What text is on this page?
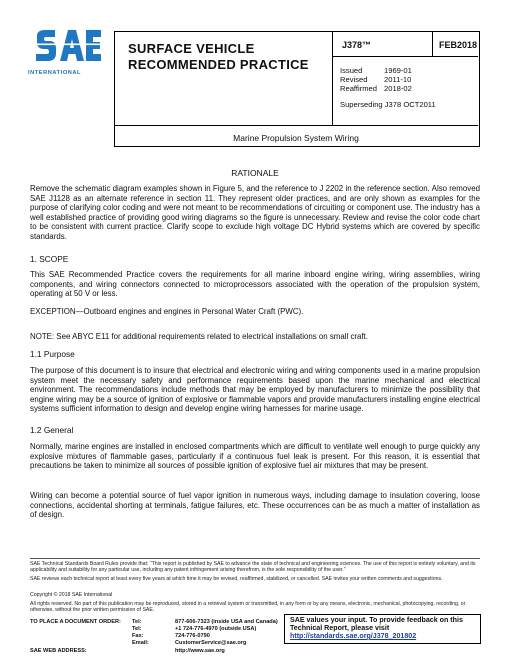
INTERNATIONAL
SURFACE VEHICLE
RECOMMENDED PRACTICE
J378™	FEB2018
Issued	1969-01
Revised 2011-10
Reaffirmed 2018-02
Superseding J378 OCT2011
Marine Propulsion System Wiring
RATIONALE
Remove the schematic diagram examples shown in Figure 5, and the reference to J 2202 in the reference section. Also removed SAE J1128 as an alternate reference in section 11. They represent older practices, and are only shown as examples for the purpose of clarifying color coding and were not meant to be recommendations of circuiting or component use. The industry has a well established practice of providing good wiring diagrams so the figure is unnecessary. Review and revise the color code chart to be consistent with current practice. Clarify scope to exclude high voltage DC Hybrid systems which are covered by specific standards.
1. SCOPE
This SAE Recommended Practice covers the requirements for all marine inboard engine wiring, wiring assemblies, wiring components, and wiring connectors connected to microprocessors associated with the operation of the propulsion system, operating at 50 V or less.
EXCEPTION—Outboard engines and engines in Personal Water Craft (PWC).
NOTE: See ABYC E11 for additional requirements related to electrical installations on small craft.
1.1 Purpose
The purpose of this document is to insure that electrical and electronic wiring and wiring components used in a marine propulsion system meet the necessary safety and performance requirements based upon the marine mechanical and electrical environment. The recommendations include methods that may be employed by manufacturers to minimize the possibility that engine wiring may be a source of ignition of explosive or flammable vapors and provide manufacturers installing engine electrical systems sufficient information to design and develop engine wiring harnesses for marine usage.
1.2 General
Normally, marine engines are installed in enclosed compartments which are difficult to ventilate well enough to purge quickly any explosive mixtures of flammable gases, particularly if a continuous fuel leak is present. For this reason, it is essential that precautions be taken to minimize all sources of possible ignition of explosive fuel air mixtures that may be present.
Wiring can become a potential source of fuel vapor ignition in numerous ways, including damage to insulation covering, loose connections, accidental shorting at terminals, fatigue failures, etc. These occurrences can be as much a matter of installation as of design.
SAE Technical Standards Board Rules provide that: “This report is published by SAE to advance the state of technical and engineering sciences. The use of this report is entirely voluntary, and its applicability and suitability for any particular use, including any patent infringement arising therefrom, is the sole responsibility of the user.”
SAE reviews each technical report at least every five years at which time it may be revised, reaffirmed, stabilized, or cancelled. SAE invites your written comments and suggestions.
Copyright © 2018 SAE International
All rights reserved. No part of this publication may be reproduced, stored in a retrieval system or transmitted, in any form or by any means, electronic, mechanical, photocopying, recording, or otherwise, without the prior written permission of SAE.
TO PLACE A DOCUMENT ORDER: Tel:	877-606-7323 (inside USA and Canada)
Tel:	+1 724-776-4970 (outside USA)
Fax:	724-776-0790
Email:	CustomerService@sae.org
SAE WEB ADDRESS:	http://www.sae.org
SAE values your input. To provide feedback on this
Technical Report, please visit
http://standards.sae.org/J378_201802
